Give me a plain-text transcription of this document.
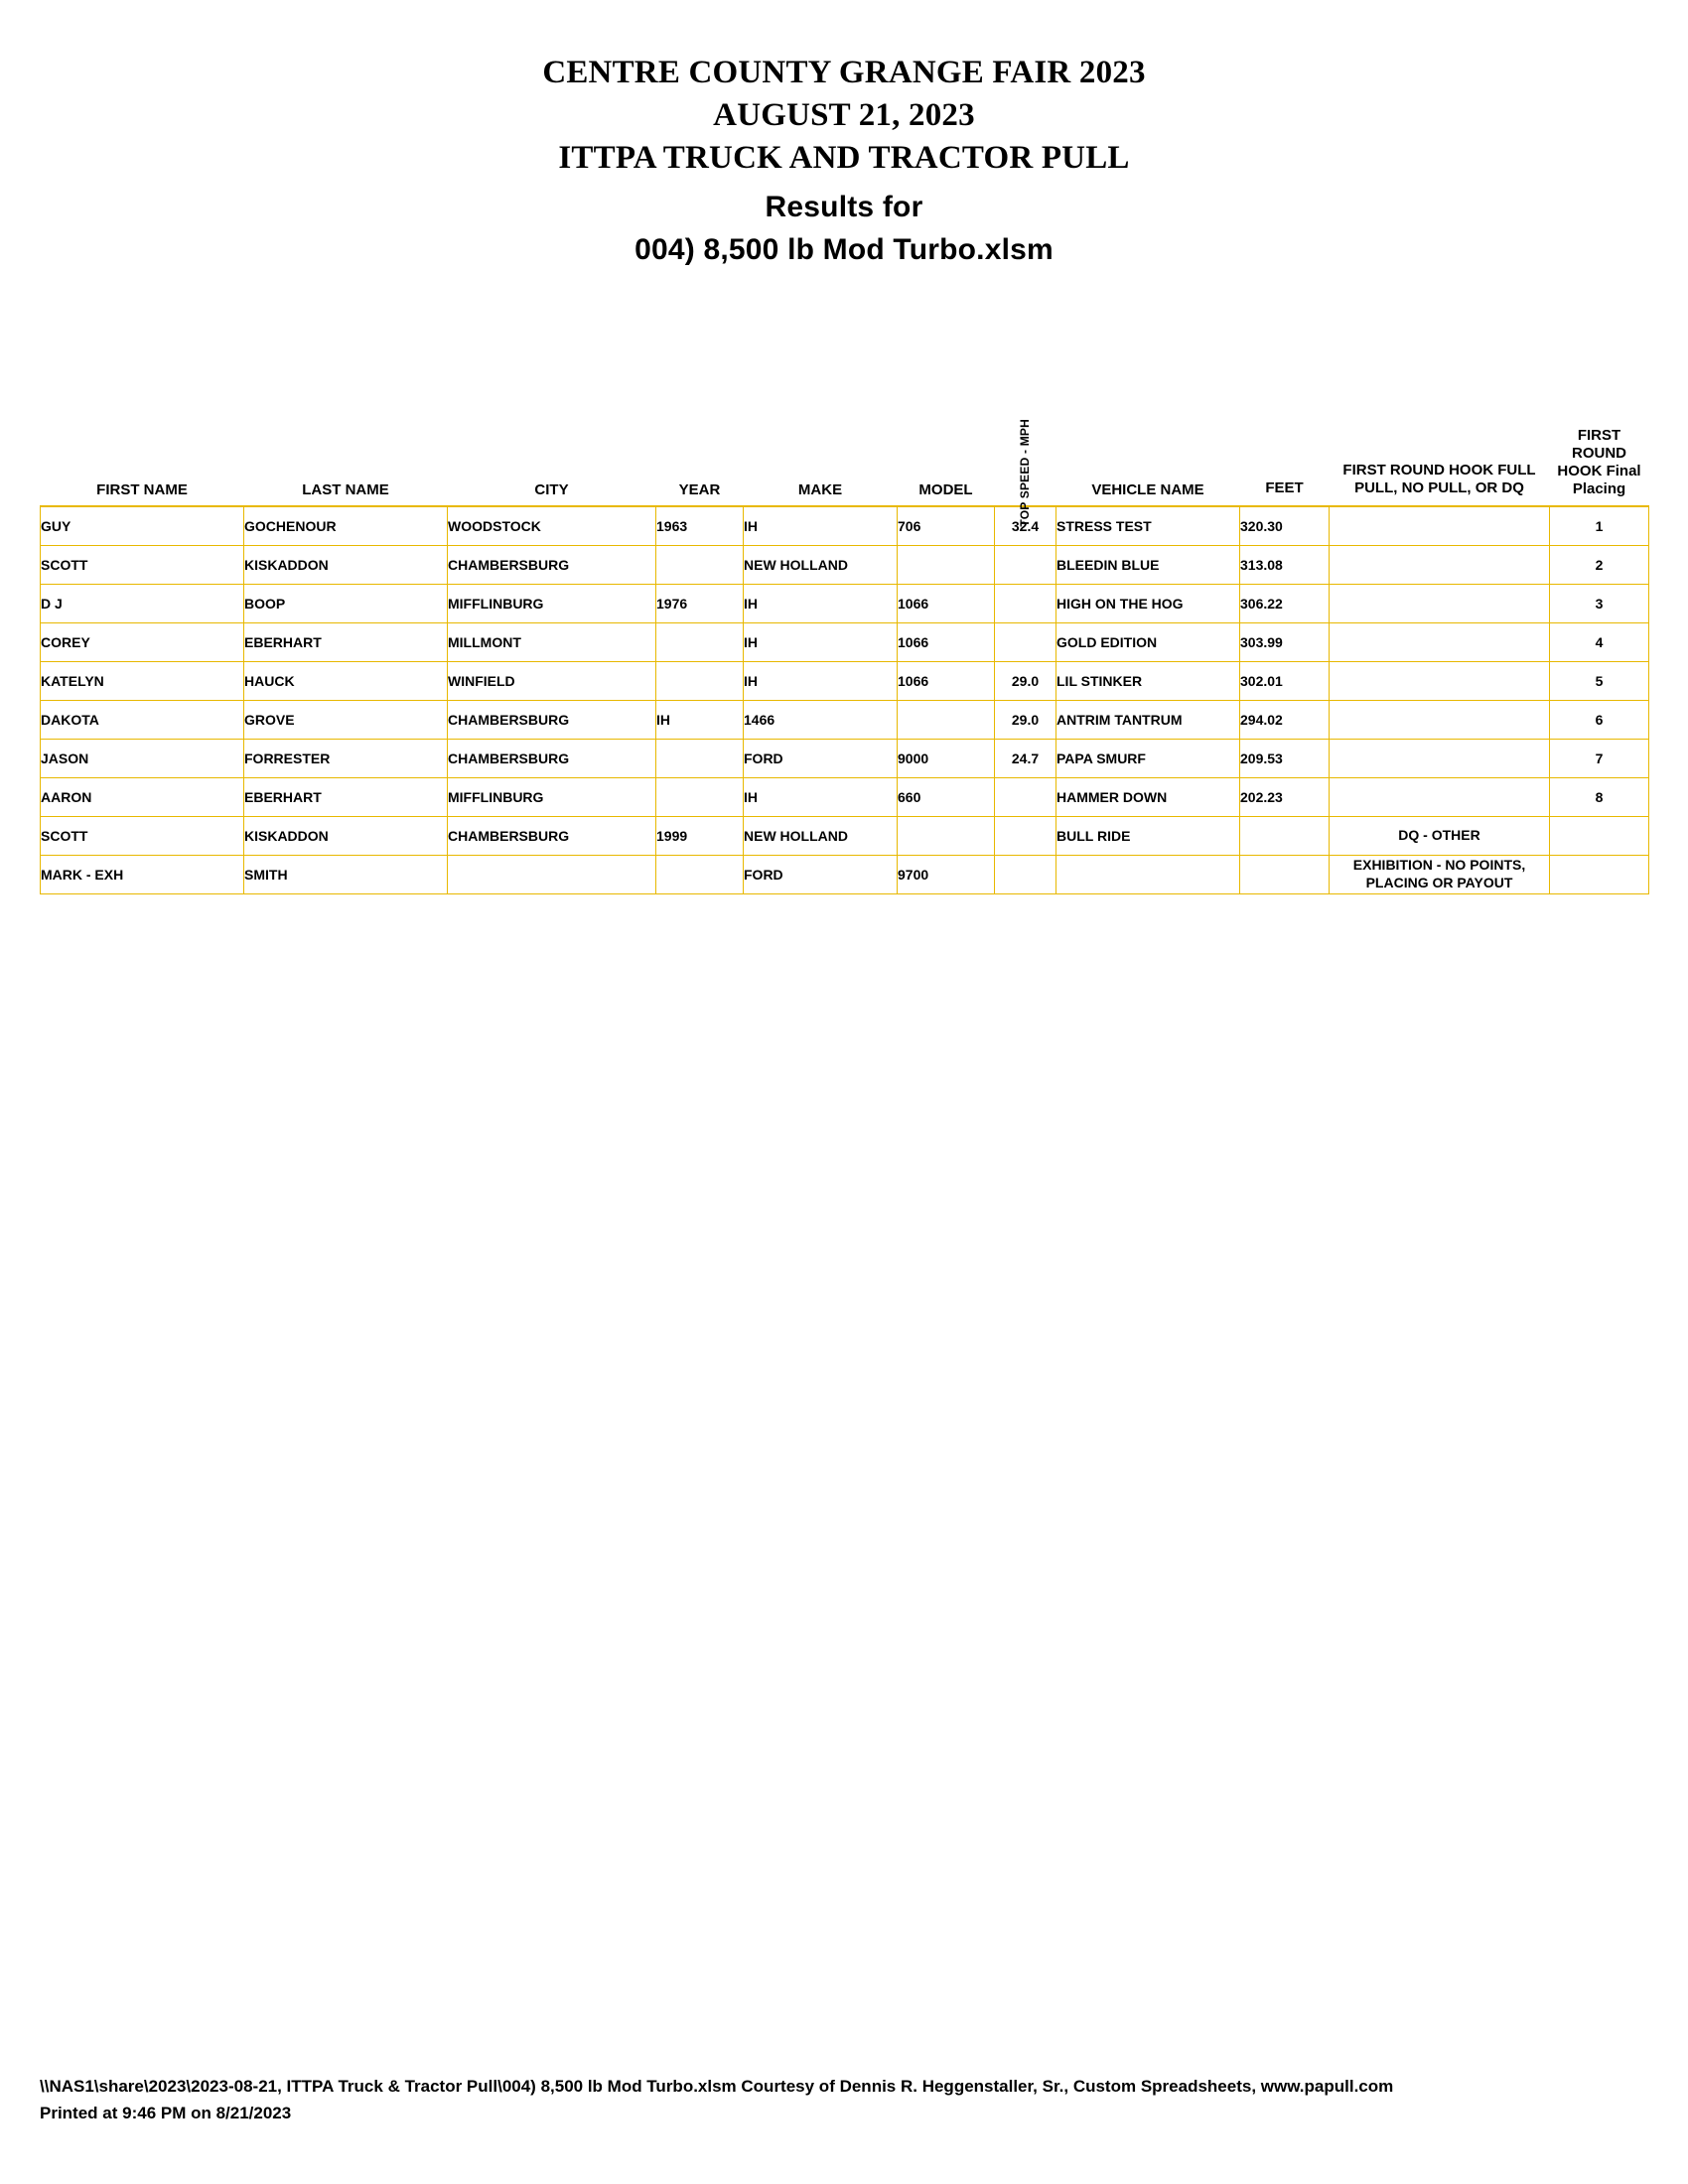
CENTRE COUNTY GRANGE FAIR 2023
AUGUST 21, 2023
ITTPA TRUCK AND TRACTOR PULL
Results for
004) 8,500 lb Mod Turbo.xlsm
FIRST NAME	LAST NAME	CITY	YEAR	MAKE	MODEL	TOP SPEED - MPH	VEHICLE NAME	FEET	FIRST ROUND HOOK FULL PULL, NO PULL, OR DQ	FIRST ROUND HOOK Final Placing
GUY	GOCHENOUR	WOODSTOCK	1963	IH	706	32.4	STRESS TEST	320.30		1
SCOTT	KISKADDON	CHAMBERSBURG		NEW HOLLAND			BLEEDIN BLUE	313.08		2
D J	BOOP	MIFFLINBURG	1976	IH	1066		HIGH ON THE HOG	306.22		3
COREY	EBERHART	MILLMONT		IH	1066		GOLD EDITION	303.99		4
KATELYN	HAUCK	WINFIELD		IH	1066	29.0	LIL STINKER	302.01		5
DAKOTA	GROVE	CHAMBERSBURG	IH	1466		29.0	ANTRIM TANTRUM	294.02		6
JASON	FORRESTER	CHAMBERSBURG		FORD	9000	24.7	PAPA SMURF	209.53		7
AARON	EBERHART	MIFFLINBURG		IH	660		HAMMER DOWN	202.23		8
SCOTT	KISKADDON	CHAMBERSBURG	1999	NEW HOLLAND			BULL RIDE		DQ - OTHER	
MARK - EXH	SMITH			FORD	9700				EXHIBITION - NO POINTS, PLACING OR PAYOUT	
\\NAS1\share\2023\2023-08-21, ITTPA Truck & Tractor Pull\004) 8,500 lb Mod Turbo.xlsm Courtesy of Dennis R. Heggenstaller, Sr., Custom Spreadsheets, www.papull.com
Printed at 9:46 PM on 8/21/2023
